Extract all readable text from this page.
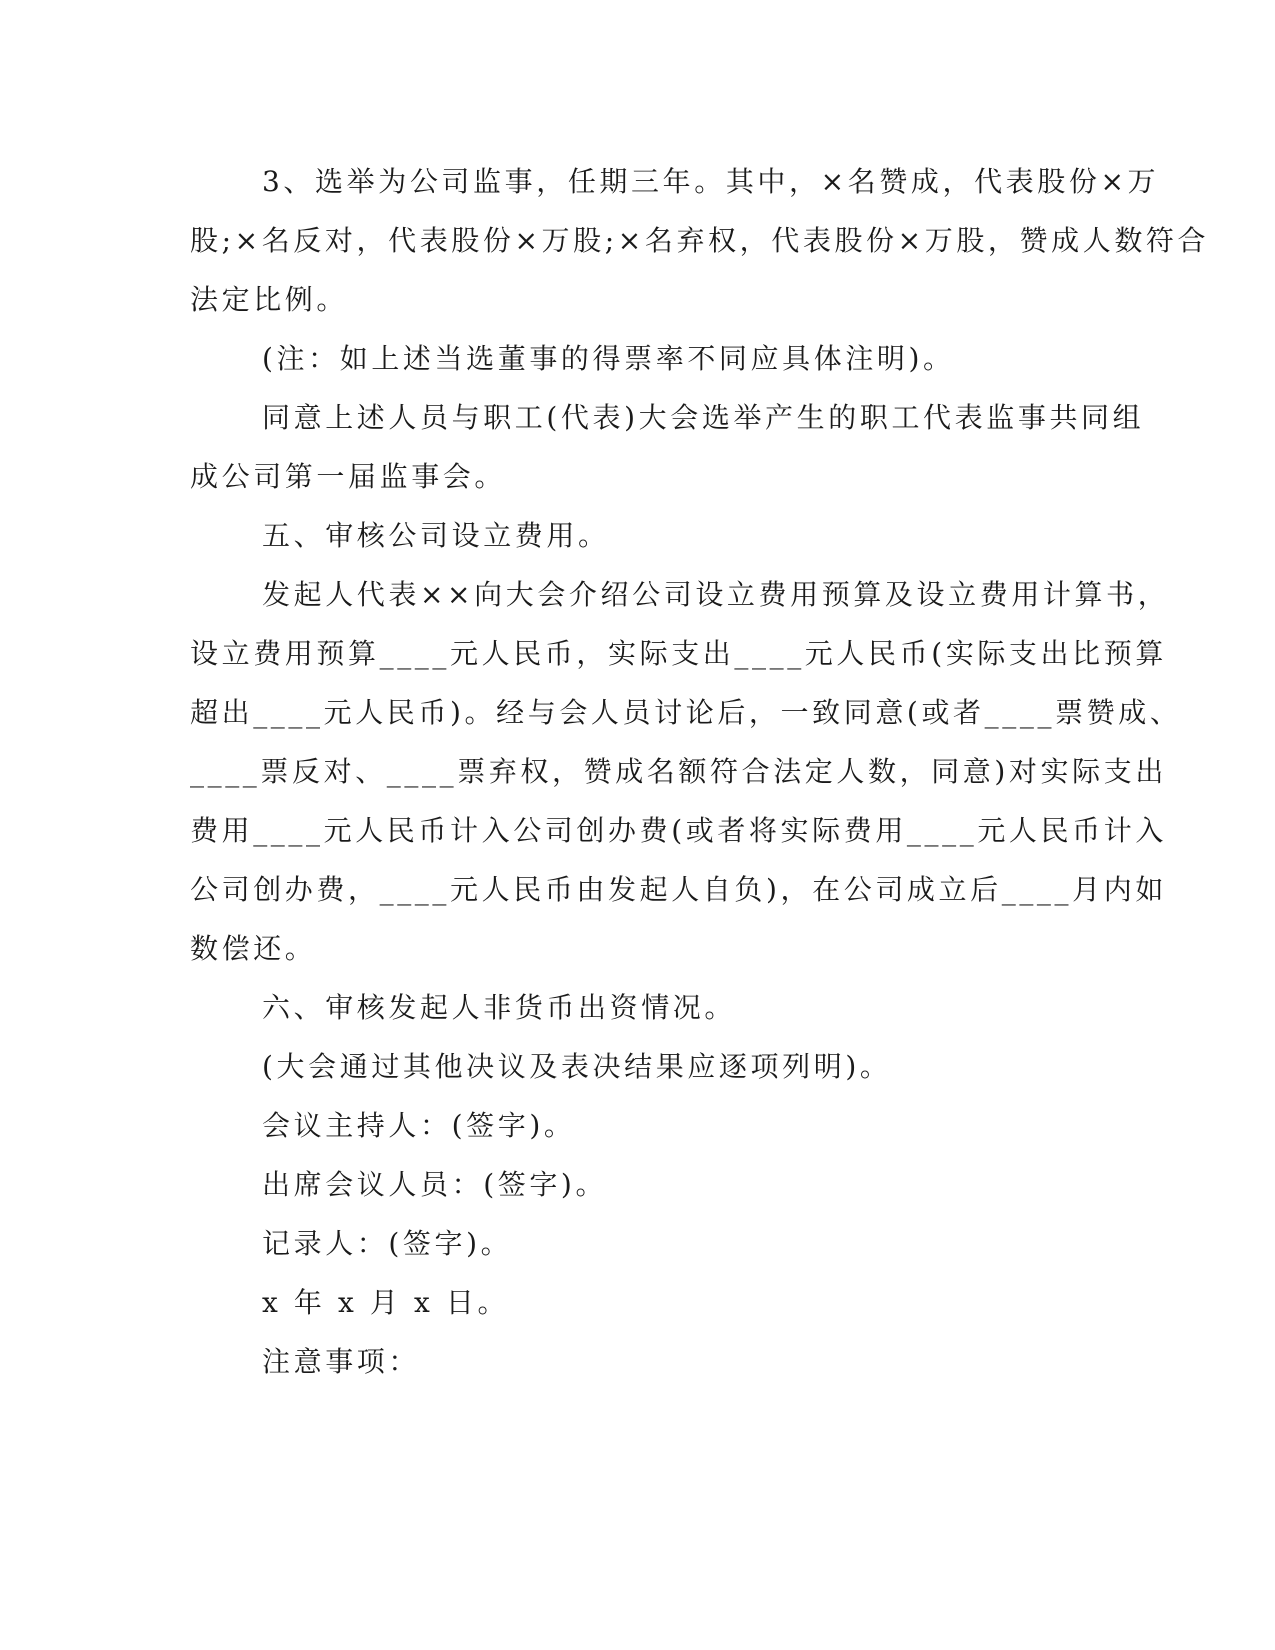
3、选举为公司监事，任期三年。其中，×名赞成，代表股份×万
股;×名反对，代表股份×万股;×名弃权，代表股份×万股，赞成人数符合
法定比例。
(注：如上述当选董事的得票率不同应具体注明)。
同意上述人员与职工(代表)大会选举产生的职工代表监事共同组
成公司第一届监事会。
五、审核公司设立费用。
发起人代表××向大会介绍公司设立费用预算及设立费用计算书，
设立费用预算____元人民币，实际支出____元人民币(实际支出比预算
超出____元人民币)。经与会人员讨论后，一致同意(或者____票赞成、
____票反对、____票弃权，赞成名额符合法定人数，同意)对实际支出
费用____元人民币计入公司创办费(或者将实际费用____元人民币计入
公司创办费，____元人民币由发起人自负)，在公司成立后____月内如
数偿还。
六、审核发起人非货币出资情况。
(大会通过其他决议及表决结果应逐项列明)。
会议主持人：(签字)。
出席会议人员：(签字)。
记录人：(签字)。
x 年 x 月 x 日。
注意事项：
